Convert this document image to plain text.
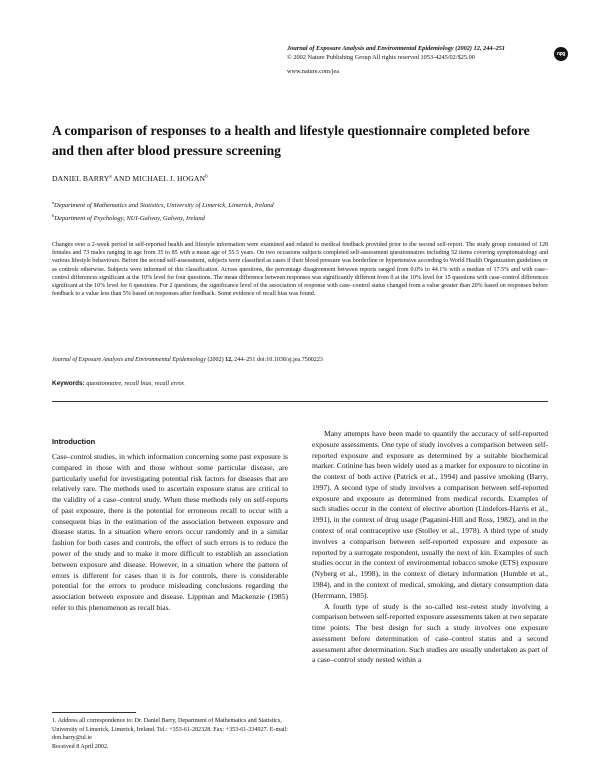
Journal of Exposure Analysis and Environmental Epidemiology (2002) 12, 244–251
© 2002 Nature Publishing Group All rights reserved 1053-4245/02/$25.00	npg
www.nature.com/jea
A comparison of responses to a health and lifestyle questionnaire completed before and then after blood pressure screening
DANIEL BARRY$^a$ AND MICHAEL J. HOGAN$^b$
$^a$Department of Mathematics and Statistics, University of Limerick, Limerick, Ireland
$^b$Department of Psychology, NUI-Galway, Galway, Ireland

Changes over a 2-week period in self-reported health and lifestyle information were examined and related to medical feedback provided prior to the second self-report. The study group consisted of 128 females and 73 males ranging in age from 35 to 85 with a mean age of 55.5 years. On two occasions subjects completed self-assessment questionnaires including 52 items covering symptomatology and various lifestyle behaviours. Before the second self-assessment, subjects were classified as cases if their blood pressure was borderline or hypertensive according to World Health Organization guidelines or as controls otherwise. Subjects were informed of this classification. Across questions, the percentage disagreement between reports ranged from 0.0% to 44.1% with a median of 17.5% and with case–control differences significant at the 10% level for four questions. The mean difference between responses was significantly different from 0 at the 10% level for 15 questions with case–control differences significant at the 10% level for 6 questions. For 2 questions, the significance level of the association of response with case–control status changed from a value greater than 20% based on responses before feedback to a value less than 5% based on responses after feedback. Some evidence of recall bias was found.

Journal of Exposure Analysis and Environmental Epidemiology (2002) 12, 244–251 doi:10.1038/sj.jea.7500223
Keywords: questionnaire, recall bias, recall error.
Introduction

Case–control studies, in which information concerning some past exposure is compared in those with and those without some particular disease, are particularly useful for investigating potential risk factors for diseases that are relatively rare. The methods used to ascertain exposure status are critical to the validity of a case–control study. When these methods rely on self-reports of past exposure, there is the potential for erroneous recall to occur with a consequent bias in the estimation of the association between exposure and disease status. In a situation where errors occur randomly and in a similar fashion for both cases and controls, the effect of such errors is to reduce the power of the study and to make it more difficult to establish an association between exposure and disease. However, in a situation where the pattern of errors is different for cases than it is for controls, there is considerable potential for the errors to produce misleading conclusions regarding the association between exposure and disease. Lippman and Mackenzie (1985) refer to this phenomenon as recall bias.

Many attempts have been made to quantify the accuracy of self-reported exposure assessments. One type of study involves a comparison between self-reported exposure and exposure as determined by a suitable biochemical marker. Cotinine has been widely used as a marker for exposure to nicotine in the context of both active (Patrick et al., 1994) and passive smoking (Barry, 1997). A second type of study involves a comparison between self-reported exposure and exposure as determined from medical records. Examples of such studies occur in the context of elective abortion (Lindefors-Harris et al., 1991), in the context of drug usage (Paganini-Hill and Ross, 1982), and in the context of oral contraceptive use (Stolley et al., 1978). A third type of study involves a comparison between self-reported exposure and exposure as reported by a surrogate respondent, usually the next of kin. Examples of such studies occur in the context of environmental tobacco smoke (ETS) exposure (Nyberg et al., 1998), in the context of dietary information (Humble et al., 1984), and in the context of medical, smoking, and dietary consumption data (Herrmann, 1985).

A fourth type of study is the so-called test–retest study involving a comparison between self-reported exposure assessments taken at two separate time points. The best design for such a study involves one exposure assessment before determination of case–control status and a second assessment after determination. Such studies are usually undertaken as part of a case–control study nested within a

1. Address all correspondence to: Dr. Daniel Barry, Department of Mathematics and Statistics, University of Limerick, Limerick, Ireland. Tel.: +353-61-202328. Fax: +353-61-334927. E-mail: don.barry@ul.ie
Received 8 April 2002.
